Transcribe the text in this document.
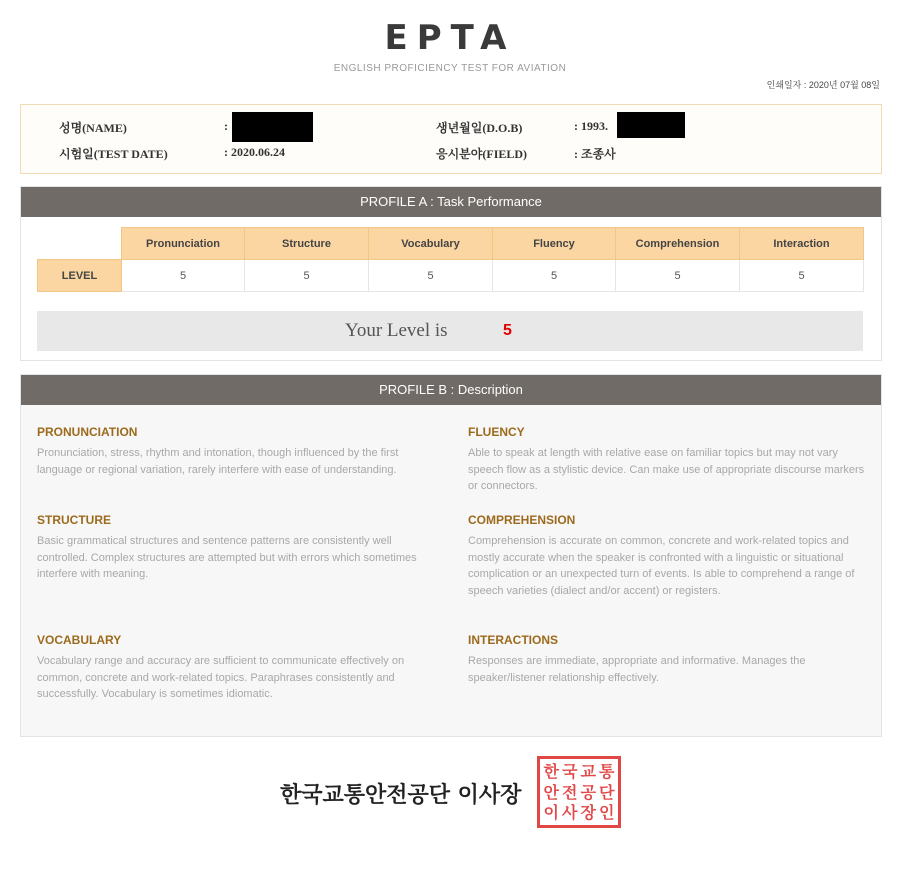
EPTA
ENGLISH PROFICIENCY TEST FOR AVIATION
인쇄일자 : 2020년 07월 08일
성명(NAME)	:
시험일(TEST DATE)	: 2020.06.24
생년월일(D.O.B)	: 1993.
응시분야(FIELD)	: 조종사
PROFILE A : Task Performance
	Pronunciation	Structure	Vocabulary	Fluency	Comprehension	Interaction
LEVEL	5	5	5	5	5	5
Your Level is	5
PROFILE B : Description
PRONUNCIATION
Pronunciation, stress, rhythm and intonation, though influenced by the first language or regional variation, rarely interfere with ease of understanding.
FLUENCY
Able to speak at length with relative ease on familiar topics but may not vary speech flow as a stylistic device. Can make use of appropriate discourse markers or connectors.
STRUCTURE
Basic grammatical structures and sentence patterns are consistently well controlled. Complex structures are attempted but with errors which sometimes interfere with meaning.
COMPREHENSION
Comprehension is accurate on common, concrete and work-related topics and mostly accurate when the speaker is confronted with a linguistic or situational complication or an unexpected turn of events. Is able to comprehend a range of speech varieties (dialect and/or accent) or registers.
VOCABULARY
Vocabulary range and accuracy are sufficient to communicate effectively on common, concrete and work-related topics. Paraphrases consistently and successfully. Vocabulary is sometimes idiomatic.
INTERACTIONS
Responses are immediate, appropriate and informative. Manages the speaker/listener relationship effectively.
한국교통안전공단 이사장
한 국 교 통
안 전 공 단
이 사 장 인
